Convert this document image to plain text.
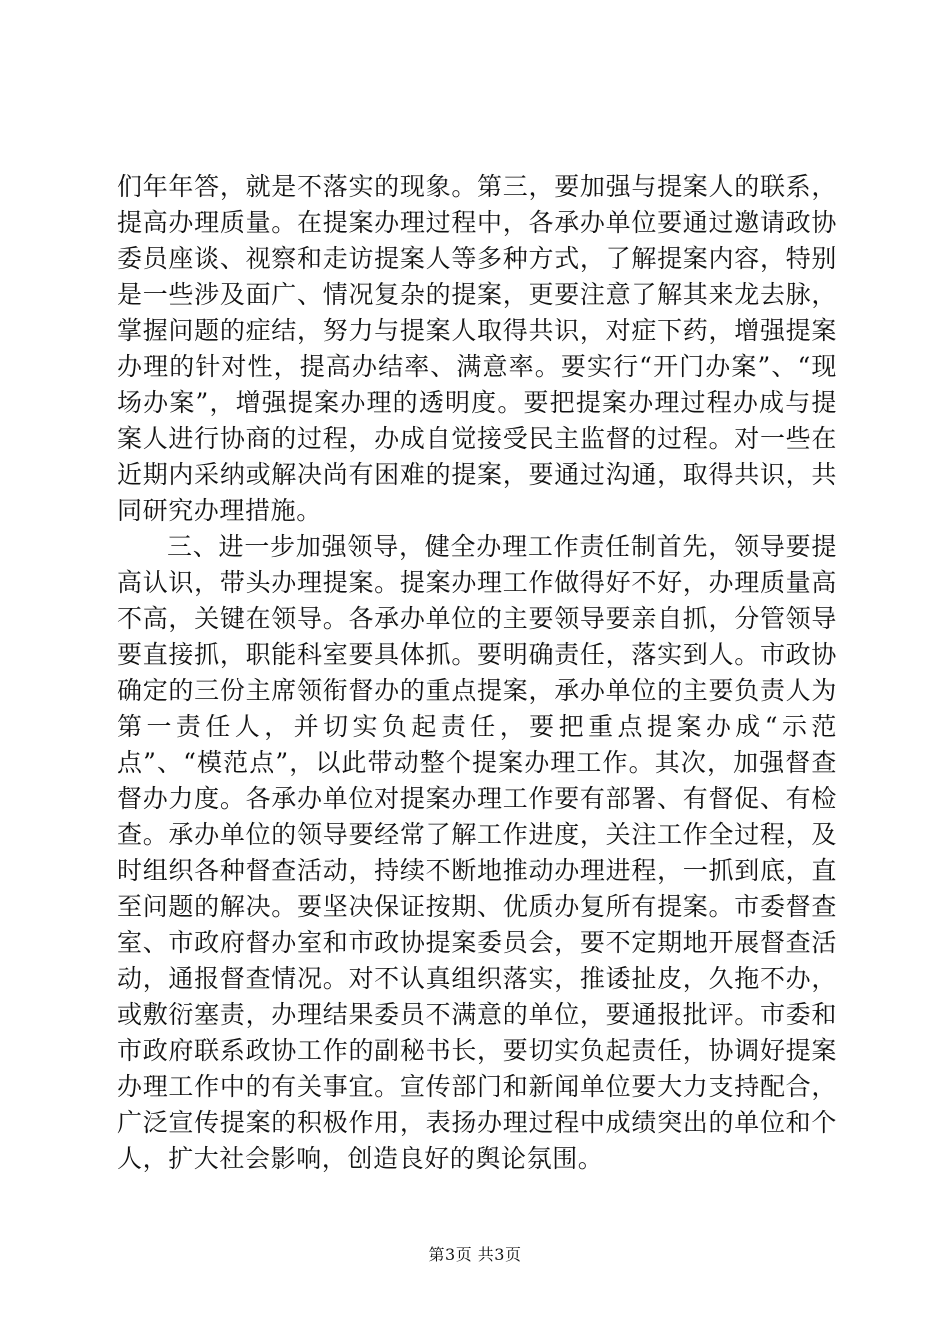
们年年答，就是不落实的现象。第三，要加强与提案人的联系，提高办理质量。在提案办理过程中，各承办单位要通过邀请政协委员座谈、视察和走访提案人等多种方式，了解提案内容，特别是一些涉及面广、情况复杂的提案，更要注意了解其来龙去脉，掌握问题的症结，努力与提案人取得共识，对症下药，增强提案办理的针对性，提高办结率、满意率。要实行“开门办案”、“现场办案”，增强提案办理的透明度。要把提案办理过程办成与提案人进行协商的过程，办成自觉接受民主监督的过程。对一些在近期内采纳或解决尚有困难的提案，要通过沟通，取得共识，共同研究办理措施。

三、进一步加强领导，健全办理工作责任制首先，领导要提高认识，带头办理提案。提案办理工作做得好不好，办理质量高不高，关键在领导。各承办单位的主要领导要亲自抓，分管领导要直接抓，职能科室要具体抓。要明确责任，落实到人。市政协确定的三份主席领衔督办的重点提案，承办单位的主要负责人为第一责任人，并切实负起责任，要把重点提案办成“示范点”、“模范点”，以此带动整个提案办理工作。其次，加强督查督办力度。各承办单位对提案办理工作要有部署、有督促、有检查。承办单位的领导要经常了解工作进度，关注工作全过程，及时组织各种督查活动，持续不断地推动办理进程，一抓到底，直至问题的解决。要坚决保证按期、优质办复所有提案。市委督查室、市政府督办室和市政协提案委员会，要不定期地开展督查活动，通报督查情况。对不认真组织落实，推诿扯皮，久拖不办，或敷衍塞责，办理结果委员不满意的单位，要通报批评。市委和市政府联系政协工作的副秘书长，要切实负起责任，协调好提案办理工作中的有关事宜。宣传部门和新闻单位要大力支持配合，广泛宣传提案的积极作用，表扬办理过程中成绩突出的单位和个人，扩大社会影响，创造良好的舆论氛围。

第3页 共3页
